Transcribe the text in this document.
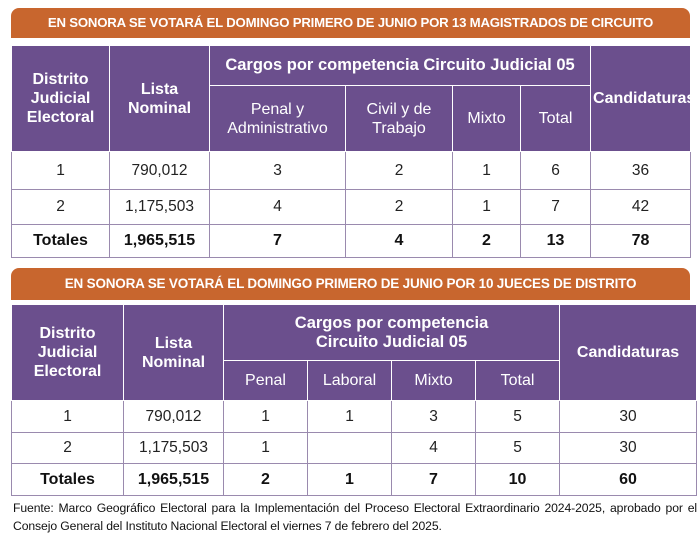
EN SONORA SE VOTARÁ EL DOMINGO PRIMERO DE JUNIO POR 13 MAGISTRADOS DE CIRCUITO
Distrito Judicial Electoral	Lista Nominal	Cargos por competencia Circuito Judicial 05				Candidaturas
		Penal y Administrativo	Civil y de Trabajo	Mixto	Total	
1	790,012	3	2	1	6	36
2	1,175,503	4	2	1	7	42
Totales	1,965,515	7	4	2	13	78
EN SONORA SE VOTARÁ EL DOMINGO PRIMERO DE JUNIO POR 10 JUECES DE DISTRITO
Distrito Judicial Electoral	Lista Nominal	Cargos por competencia Circuito Judicial 05				Candidaturas
		Penal	Laboral	Mixto	Total	
1	790,012	1	1	3	5	30
2	1,175,503	1		4	5	30
Totales	1,965,515	2	1	7	10	60
Fuente: Marco Geográfico Electoral para la Implementación del Proceso Electoral Extraordinario 2024-2025, aprobado por el Consejo General del Instituto Nacional Electoral el viernes 7 de febrero del 2025.
